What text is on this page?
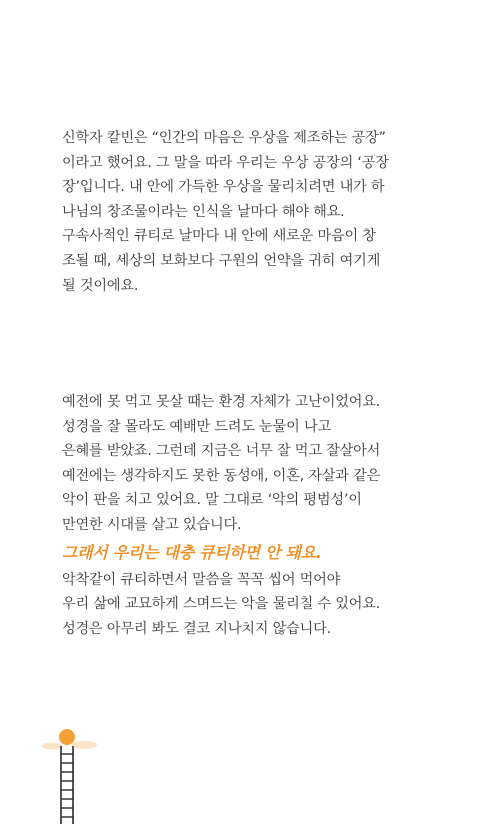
신학자 칼빈은 “인간의 마음은 우상을 제조하는 공장”
이라고 했어요. 그 말을 따라 우리는 우상 공장의 ‘공장
장’입니다. 내 안에 가득한 우상을 물리치려면 내가 하
나님의 창조물이라는 인식을 날마다 해야 해요.
구속사적인 큐티로 날마다 내 안에 새로운 마음이 창
조될 때, 세상의 보화보다 구원의 언약을 귀히 여기게
될 것이에요.
예전에 못 먹고 못살 때는 환경 자체가 고난이었어요.
성경을 잘 몰라도 예배만 드려도 눈물이 나고
은혜를 받았죠. 그런데 지금은 너무 잘 먹고 잘살아서
예전에는 생각하지도 못한 동성애, 이혼, 자살과 같은
악이 판을 치고 있어요. 말 그대로 ‘악의 평범성’이
만연한 시대를 살고 있습니다.
그래서 우리는 대충 큐티하면 안 돼요.
악착같이 큐티하면서 말씀을 꼭꼭 씹어 먹어야
우리 삶에 교묘하게 스며드는 악을 물리칠 수 있어요.
성경은 아무리 봐도 결코 지나치지 않습니다.
